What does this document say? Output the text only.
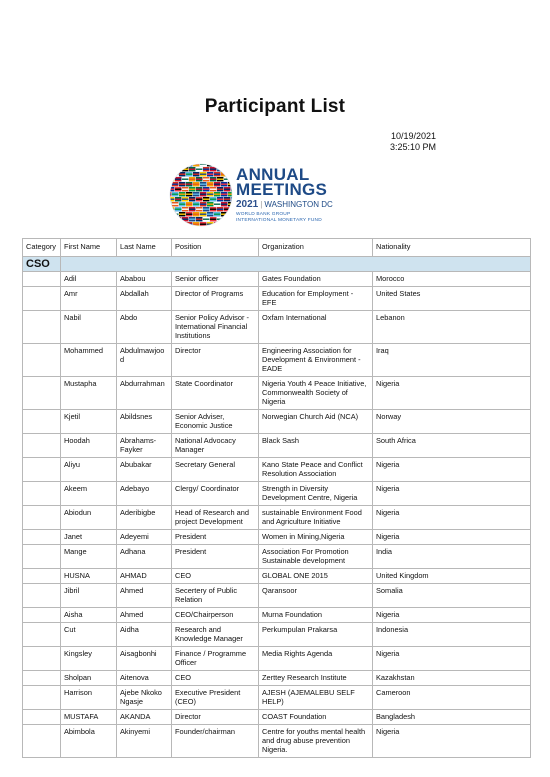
Participant List
10/19/2021
3:25:10 PM
ANNUAL
MEETINGS
2021 | WASHINGTON DC
WORLD BANK GROUP
INTERNATIONAL MONETARY FUND
Category	First Name	Last Name	Position	Organization	Nationality
CSO					
	Adil	Ababou	Senior officer	Gates Foundation	Morocco
	Amr	Abdallah	Director of Programs	Education for Employment - EFE	United States
	Nabil	Abdo	Senior Policy Advisor - International Financial Institutions	Oxfam International	Lebanon
	Mohammed	Abdulmawjood	Director	Engineering Association for Development & Environment - EADE	Iraq
	Mustapha	Abdurrahman	State Coordinator	Nigeria Youth 4 Peace Initiative, Commonwealth Society of Nigeria	Nigeria
	Kjetil	Abildsnes	Senior Adviser, Economic Justice	Norwegian Church Aid (NCA)	Norway
	Hoodah	Abrahams-Fayker	National Advocacy Manager	Black Sash	South Africa
	Aliyu	Abubakar	Secretary General	Kano State Peace and Conflict Resolution Association	Nigeria
	Akeem	Adebayo	Clergy/ Coordinator	Strength in Diversity Development Centre, Nigeria	Nigeria
	Abiodun	Aderibigbe	Head of Research and project Development	sustainable Environment Food and Agriculture Initiative	Nigeria
	Janet	Adeyemi	President	Women in Mining,Nigeria	Nigeria
	Mange	Adhana	President	Association For Promotion Sustainable development	India
	HUSNA	AHMAD	CEO	GLOBAL ONE 2015	United Kingdom
	Jibril	Ahmed	Secertery of Public Relation	Qaransoor	Somalia
	Aisha	Ahmed	CEO/Chairperson	Murna Foundation	Nigeria
	Cut	Aidha	Research and Knowledge Manager	Perkumpulan Prakarsa	Indonesia
	Kingsley	Aisagbonhi	Finance / Programme Officer	Media Rights Agenda	Nigeria
	Sholpan	Aitenova	CEO	Zerttey Research Institute	Kazakhstan
	Harrison	Ajebe Nkoko Ngasje	Executive President (CEO)	AJESH (AJEMALEBU SELF HELP)	Cameroon
	MUSTAFA	AKANDA	Director	COAST Foundation	Bangladesh
	Abimbola	Akinyemi	Founder/chairman	Centre for youths mental health and drug abuse prevention Nigeria.	Nigeria
